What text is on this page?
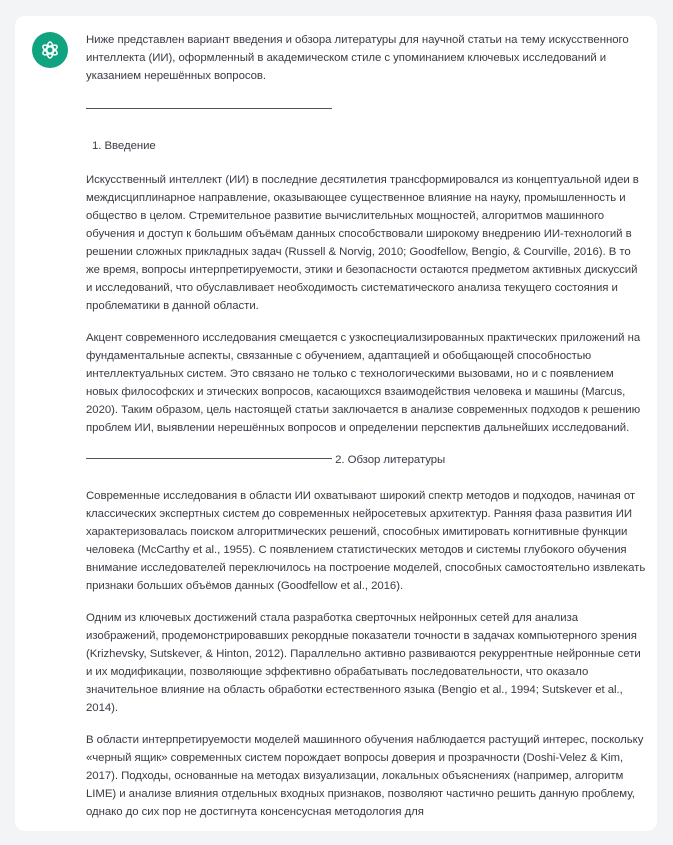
Ниже представлен вариант введения и обзора литературы для научной статьи на тему искусственного интеллекта (ИИ), оформленный в академическом стиле с упоминанием ключевых исследований и указанием нерешённых вопросов.

1. Введение

Искусственный интеллект (ИИ) в последние десятилетия трансформировался из концептуальной идеи в междисциплинарное направление, оказывающее существенное влияние на науку, промышленность и общество в целом. Стремительное развитие вычислительных мощностей, алгоритмов машинного обучения и доступ к большим объёмам данных способствовали широкому внедрению ИИ-технологий в решении сложных прикладных задач (Russell & Norvig, 2010; Goodfellow, Bengio, & Courville, 2016). В то же время, вопросы интерпретируемости, этики и безопасности остаются предметом активных дискуссий и исследований, что обуславливает необходимость систематического анализа текущего состояния и проблематики в данной области.

Акцент современного исследования смещается с узкоспециализированных практических приложений на фундаментальные аспекты, связанные с обучением, адаптацией и обобщающей способностью интеллектуальных систем. Это связано не только с технологическими вызовами, но и с появлением новых философских и этических вопросов, касающихся взаимодействия человека и машины (Marcus, 2020). Таким образом, цель настоящей статьи заключается в анализе современных подходов к решению проблем ИИ, выявлении нерешённых вопросов и определении перспектив дальнейших исследований.

2. Обзор литературы

Современные исследования в области ИИ охватывают широкий спектр методов и подходов, начиная от классических экспертных систем до современных нейросетевых архитектур. Ранняя фаза развития ИИ характеризовалась поиском алгоритмических решений, способных имитировать когнитивные функции человека (McCarthy et al., 1955). С появлением статистических методов и системы глубокого обучения внимание исследователей переключилось на построение моделей, способных самостоятельно извлекать признаки больших объёмов данных (Goodfellow et al., 2016).

Одним из ключевых достижений стала разработка сверточных нейронных сетей для анализа изображений, продемонстрировавших рекордные показатели точности в задачах компьютерного зрения (Krizhevsky, Sutskever, & Hinton, 2012). Параллельно активно развиваются рекуррентные нейронные сети и их модификации, позволяющие эффективно обрабатывать последовательности, что оказало значительное влияние на область обработки естественного языка (Bengio et al., 1994; Sutskever et al., 2014).

В области интерпретируемости моделей машинного обучения наблюдается растущий интерес, поскольку «черный ящик» современных систем порождает вопросы доверия и прозрачности (Doshi-Velez & Kim, 2017). Подходы, основанные на методах визуализации, локальных объяснениях (например, алгоритм LIME) и анализе влияния отдельных входных признаков, позволяют частично решить данную проблему, однако до сих пор не достигнута консенсусная методология для
